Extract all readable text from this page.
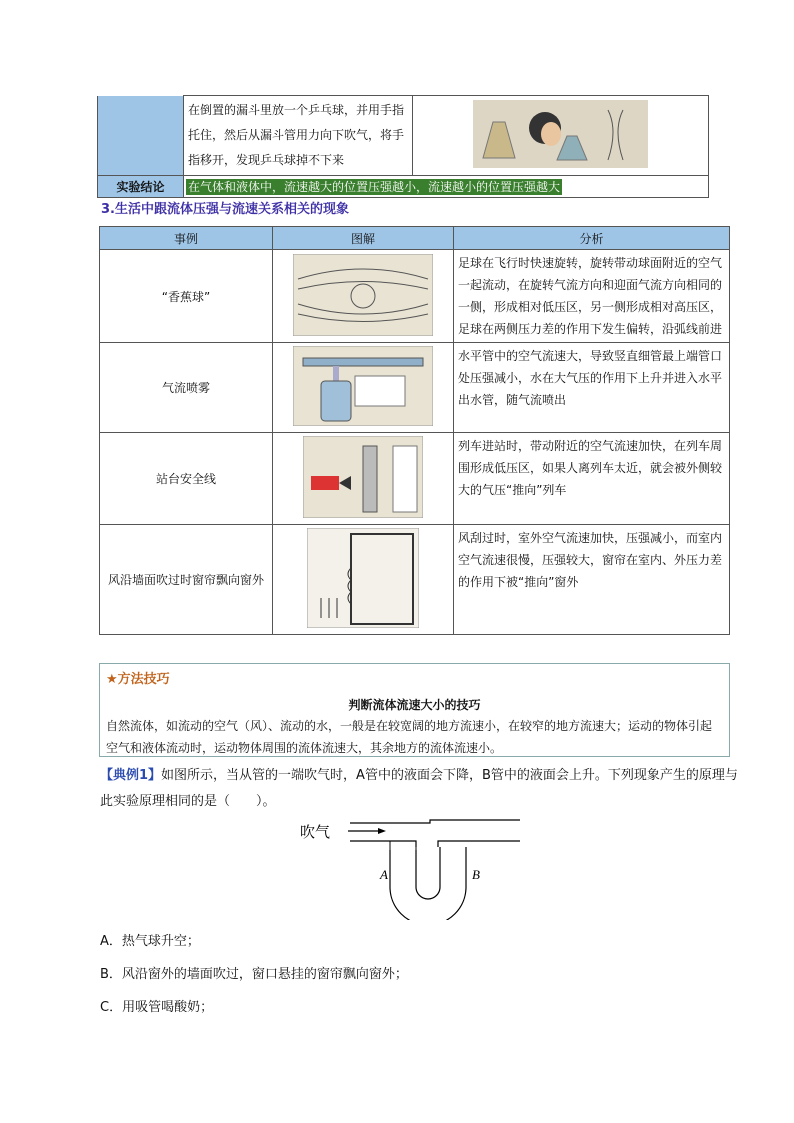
	在倒置的漏斗里放一个乒乓球，并用手指托住，然后从漏斗管用力向下吹气，将手指移开，发现乒乓球掉不下来	
实验结论	在气体和液体中，流速越大的位置压强越小，流速越小的位置压强越大	
3.生活中跟流体压强与流速关系相关的现象
事例	图解	分析
“香蕉球”		足球在飞行时快速旋转，旋转带动球面附近的空气一起流动，在旋转气流方向和迎面气流方向相同的一侧，形成相对低压区，另一侧形成相对高压区，足球在两侧压力差的作用下发生偏转，沿弧线前进
气流喷雾		水平管中的空气流速大，导致竖直细管最上端管口处压强减小，水在大气压的作用下上升并进入水平出水管，随气流喷出
站台安全线		列车进站时，带动附近的空气流速加快，在列车周围形成低压区，如果人离列车太近，就会被外侧较大的气压“推向”列车
风沿墙面吹过时窗帘飘向窗外		风刮过时，室外空气流速加快，压强减小，而室内空气流速很慢，压强较大，窗帘在室内、外压力差的作用下被“推向”窗外
★方法技巧
判断流体流速大小的技巧
自然流体，如流动的空气（风）、流动的水，一般是在较宽阔的地方流速小，在较窄的地方流速大；运动的物体引起空气和液体流动时，运动物体周围的流体流速大，其余地方的流体流速小。
【典例1】如图所示，当从管的一端吹气时，A管中的液面会下降，B管中的液面会上升。下列现象产生的原理与此实验原理相同的是（　　）。
吹气
A	B
A．热气球升空；
B．风沿窗外的墙面吹过，窗口悬挂的窗帘飘向窗外；
C．用吸管喝酸奶；
